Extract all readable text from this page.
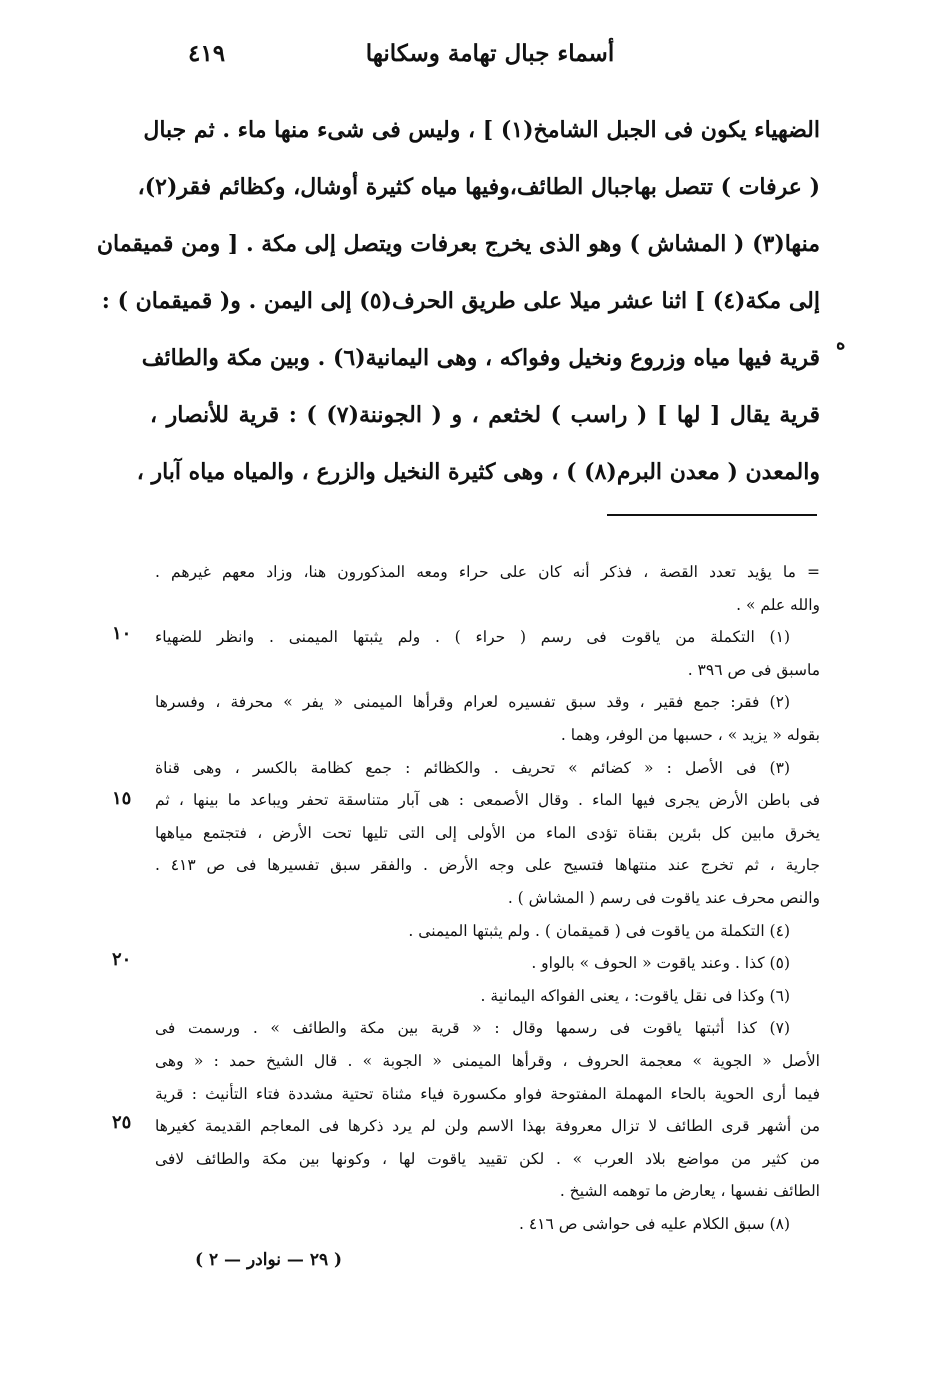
أسماء جبال تهامة وسكانها
٤١٩
الضهياء يكون فى الجبل الشامخ(١) ] ، وليس فى شىء منها ماء . ثم جبال
( عرفات ) تتصل بهاجبال الطائف،وفيها مياه كثيرة أوشال، وكظائم فقر(٢)،
منها(٣) ( المشاش ) وهو الذى يخرج بعرفات ويتصل إلى مكة . [ ومن قميقمان
إلى مكة(٤) ] اثنا عشر ميلا على طريق الحرف(٥) إلى اليمن . و( قميقمان ) :
قرية فيها مياه وزروع ونخيل وفواكه ، وهى اليمانية(٦) . وبين مكة والطائف
قرية يقال [ لها ] ( راسب ) لخثعم ، و ( الجوننة(٧) ) : قرية للأنصار ،
والمعدن ( معدن البرم(٨) ) ، وهى كثيرة النخيل والزرع ، والمياه مياه آبار ،
ه
= ما يؤيد تعدد القصة ، فذكر أنه كان على حراء ومعه المذكورون هنا، وزاد معهم غيرهم .
والله علم » .
(١) التكملة من ياقوت فى رسم ( حراء ) . ولم يثبتها الميمنى . وانظر للضهياء
ماسبق فى ص ٣٩٦ .
(٢) فقر: جمع فقير ، وقد سبق تفسيره لعرام وقرأها الميمنى « يفر » محرفة ، وفسرها
بقوله « يزيد » ، حسبها من الوفر، وهما .
(٣) فى الأصل : « كضائم » تحريف . والكظائم : جمع كظامة بالكسر ، وهى قناة
فى باطن الأرض يجرى فيها الماء . وقال الأصمعى : هى آبار متناسقة تحفر ويباعد ما بينها ، ثم
يخرق مابين كل بئرين بقناة تؤدى الماء من الأولى إلى التى تليها تحت الأرض ، فتجتمع مياهها
جارية ، ثم تخرج عند منتهاها فتسيح على وجه الأرض . والفقر سبق تفسيرها فى ص ٤١٣ .
والنص محرف عند ياقوت فى رسم ( المشاش ) .
(٤) التكملة من ياقوت فى ( قميقمان ) . ولم يثبتها الميمنى .
(٥) كذا . وعند ياقوت « الحوف » بالواو .
(٦) وكذا فى نقل ياقوت: ، يعنى الفواكه اليمانية .
(٧) كذا أثبتها ياقوت فى رسمها وقال : « قرية بين مكة والطائف » . ورسمت فى
الأصل « الجوية » معجمة الحروف ، وقرأها الميمنى « الجوبة » . قال الشيخ حمد : « وهى
فيما أرى الحوية بالحاء المهملة المفتوحة فواو مكسورة فياء مثناة تحتية مشددة فتاء التأنيث : قرية
من أشهر قرى الطائف لا تزال معروفة بهذا الاسم ولن لم يرد ذكرها فى المعاجم القديمة كغيرها
من كثير من مواضع بلاد العرب » . لكن تقييد ياقوت لها ، وكونها بين مكة والطائف لافى
الطائف نفسها ، يعارض ما توهمه الشيخ .
(٨) سبق الكلام عليه فى حواشى ص ٤١٦ .
١٠
١٥
٢٠
٢٥
( ٢٩ — نوادر — ٢ )
